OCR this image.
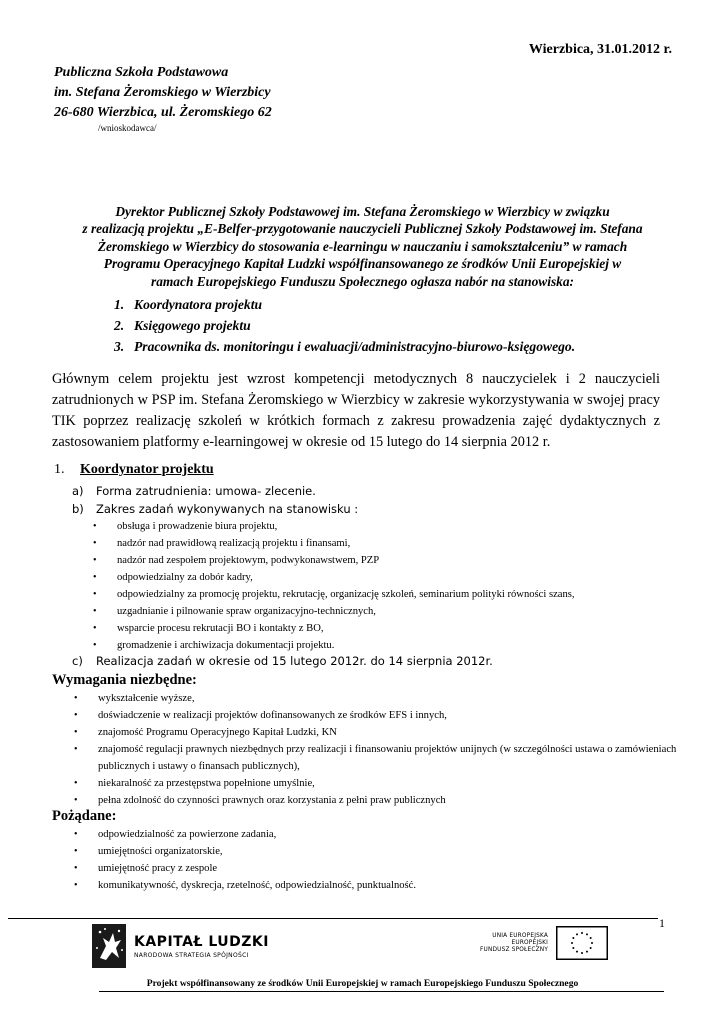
Wierzbica, 31.01.2012 r.
Publiczna Szkoła Podstawowa
im. Stefana Żeromskiego w Wierzbicy
26-680 Wierzbica, ul. Żeromskiego 62
/wnioskodawca/
Dyrektor Publicznej Szkoły Podstawowej im. Stefana Żeromskiego w Wierzbicy w związku
z realizacją projektu „E-Belfer-przygotowanie nauczycieli Publicznej Szkoły Podstawowej im. Stefana
Żeromskiego w Wierzbicy do stosowania e-learningu w nauczaniu i samokształceniu” w ramach
Programu Operacyjnego Kapitał Ludzki współfinansowanego ze środków Unii Europejskiej w
ramach Europejskiego Funduszu Społecznego ogłasza nabór na stanowiska:
1. Koordynatora projektu
2. Księgowego projektu
3. Pracownika ds. monitoringu i ewaluacji/administracyjno-biurowo-księgowego.
Głównym celem projektu jest wzrost kompetencji metodycznych 8 nauczycielek i 2 nauczycieli zatrudnionych w PSP im. Stefana Żeromskiego w Wierzbicy w zakresie wykorzystywania w swojej pracy TIK poprzez realizację szkoleń w krótkich formach z zakresu prowadzenia zajęć dydaktycznych z zastosowaniem platformy e-learningowej w okresie od 15 lutego do 14 sierpnia 2012 r.
1. Koordynator projektu
a) Forma zatrudnienia: umowa- zlecenie.
b) Zakres zadań wykonywanych na stanowisku :
• obsługa i prowadzenie biura projektu,
• nadzór nad prawidłową realizacją projektu i finansami,
• nadzór nad zespołem projektowym, podwykonawstwem, PZP
• odpowiedzialny za dobór kadry,
• odpowiedzialny za promocję projektu, rekrutację, organizację szkoleń, seminarium polityki równości szans,
• uzgadnianie i pilnowanie spraw organizacyjno-technicznych,
• wsparcie procesu rekrutacji BO i kontakty z BO,
• gromadzenie i archiwizacja dokumentacji projektu.
c) Realizacja zadań w okresie od 15 lutego 2012r. do 14 sierpnia 2012r.
Wymagania niezbędne:
• wykształcenie wyższe,
• doświadczenie w realizacji projektów dofinansowanych ze środków EFS i innych,
• znajomość Programu Operacyjnego Kapitał Ludzki, KN
• znajomość regulacji prawnych niezbędnych przy realizacji i finansowaniu projektów unijnych (w szczególności ustawa o zamówieniach publicznych i ustawy o finansach publicznych),
• niekaralność za przestępstwa popełnione umyślnie,
• pełna zdolność do czynności prawnych oraz korzystania z pełni praw publicznych
Pożądane:
• odpowiedzialność za powierzone zadania,
• umiejętności organizatorskie,
• umiejętność pracy z zespole
• komunikatywność, dyskrecja, rzetelność, odpowiedzialność, punktualność.
1
KAPITAŁ LUDZKI
NARODOWA STRATEGIA SPÓJNOŚCI
UNIA EUROPEJSKA
EUROPEJSKI
FUNDUSZ SPOŁECZNY
Projekt współfinansowany ze środków Unii Europejskiej w ramach Europejskiego Funduszu Społecznego
